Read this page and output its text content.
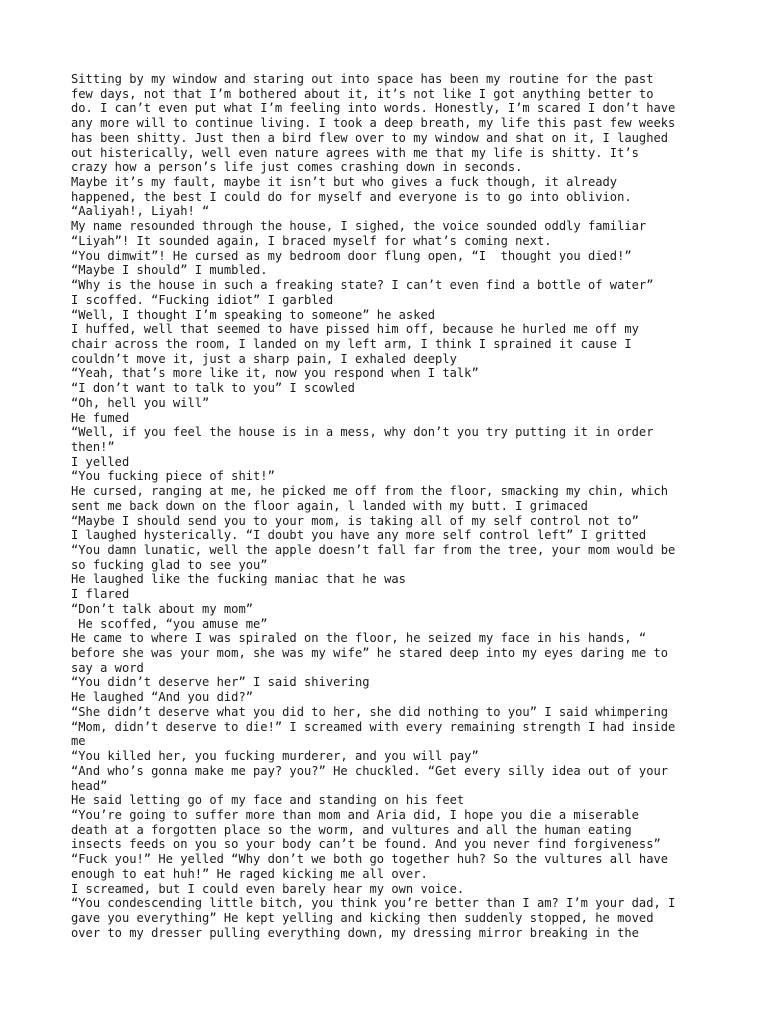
Sitting by my window and staring out into space has been my routine for the past
few days, not that I’m bothered about it, it’s not like I got anything better to
do. I can’t even put what I’m feeling into words. Honestly, I’m scared I don’t have
any more will to continue living. I took a deep breath, my life this past few weeks
has been shitty. Just then a bird flew over to my window and shat on it, I laughed
out histerically, well even nature agrees with me that my life is shitty. It’s
crazy how a person’s life just comes crashing down in seconds.
Maybe it’s my fault, maybe it isn’t but who gives a fuck though, it already
happened, the best I could do for myself and everyone is to go into oblivion.
“Aaliyah!, Liyah! “
My name resounded through the house, I sighed, the voice sounded oddly familiar
“Liyah”! It sounded again, I braced myself for what’s coming next.
“You dimwit”! He cursed as my bedroom door flung open, “I  thought you died!”
“Maybe I should” I mumbled.
“Why is the house in such a freaking state? I can’t even find a bottle of water”
I scoffed. “Fucking idiot” I garbled
“Well, I thought I’m speaking to someone” he asked
I huffed, well that seemed to have pissed him off, because he hurled me off my
chair across the room, I landed on my left arm, I think I sprained it cause I
couldn’t move it, just a sharp pain, I exhaled deeply
“Yeah, that’s more like it, now you respond when I talk”
“I don’t want to talk to you” I scowled
“Oh, hell you will”
He fumed
“Well, if you feel the house is in a mess, why don’t you try putting it in order
then!”
I yelled
“You fucking piece of shit!”
He cursed, ranging at me, he picked me off from the floor, smacking my chin, which
sent me back down on the floor again, l landed with my butt. I grimaced
“Maybe I should send you to your mom, is taking all of my self control not to”
I laughed hysterically. “I doubt you have any more self control left” I gritted
“You damn lunatic, well the apple doesn’t fall far from the tree, your mom would be
so fucking glad to see you”
He laughed like the fucking maniac that he was
I flared
“Don’t talk about my mom”
He scoffed, “you amuse me”
He came to where I was spiraled on the floor, he seized my face in his hands, “
before she was your mom, she was my wife” he stared deep into my eyes daring me to
say a word
“You didn’t deserve her” I said shivering
He laughed “And you did?”
“She didn’t deserve what you did to her, she did nothing to you” I said whimpering
“Mom, didn’t deserve to die!” I screamed with every remaining strength I had inside
me
“You killed her, you fucking murderer, and you will pay”
“And who’s gonna make me pay? you?” He chuckled. “Get every silly idea out of your
head”
He said letting go of my face and standing on his feet
“You’re going to suffer more than mom and Aria did, I hope you die a miserable
death at a forgotten place so the worm, and vultures and all the human eating
insects feeds on you so your body can’t be found. And you never find forgiveness”
“Fuck you!” He yelled “Why don’t we both go together huh? So the vultures all have
enough to eat huh!” He raged kicking me all over.
I screamed, but I could even barely hear my own voice.
“You condescending little bitch, you think you’re better than I am? I’m your dad, I
gave you everything” He kept yelling and kicking then suddenly stopped, he moved
over to my dresser pulling everything down, my dressing mirror breaking in the
